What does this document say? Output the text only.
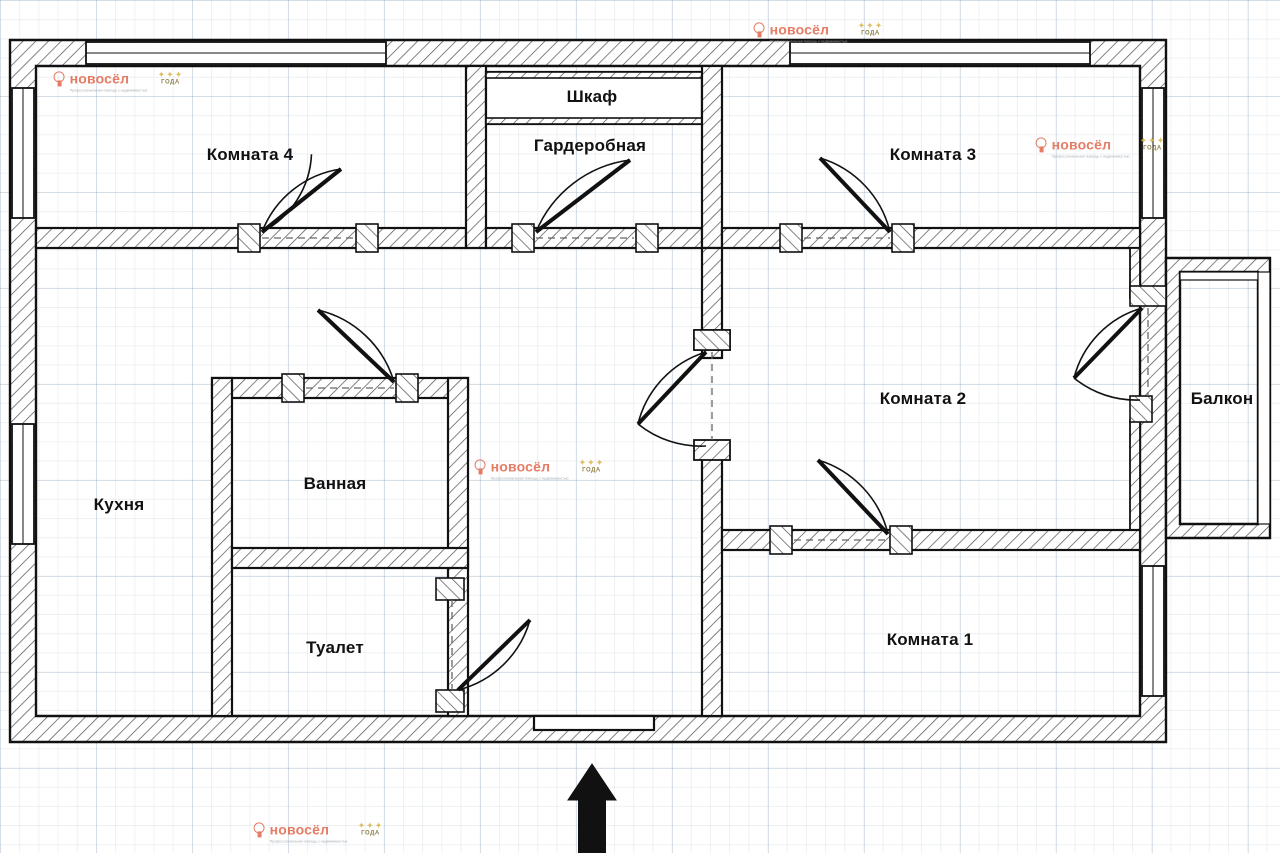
Комната 4
Шкаф
Гардеробная	Комната 3
Кухня
Ванная
Туалет
Комната 2
Комната 1
Балкон
новосёл
Профессиональная помощь с недвижимостью
✦✦✦
ГОДА
новосёл
Профессиональная помощь с недвижимостью
✦✦✦
ГОДА
новосёл
Профессиональная помощь с недвижимостью
✦✦✦
ГОДА
новосёл
Профессиональная помощь с недвижимостью
✦✦✦
ГОДА
новосёл
Профессиональная помощь с недвижимостью
✦✦✦
ГОДА
